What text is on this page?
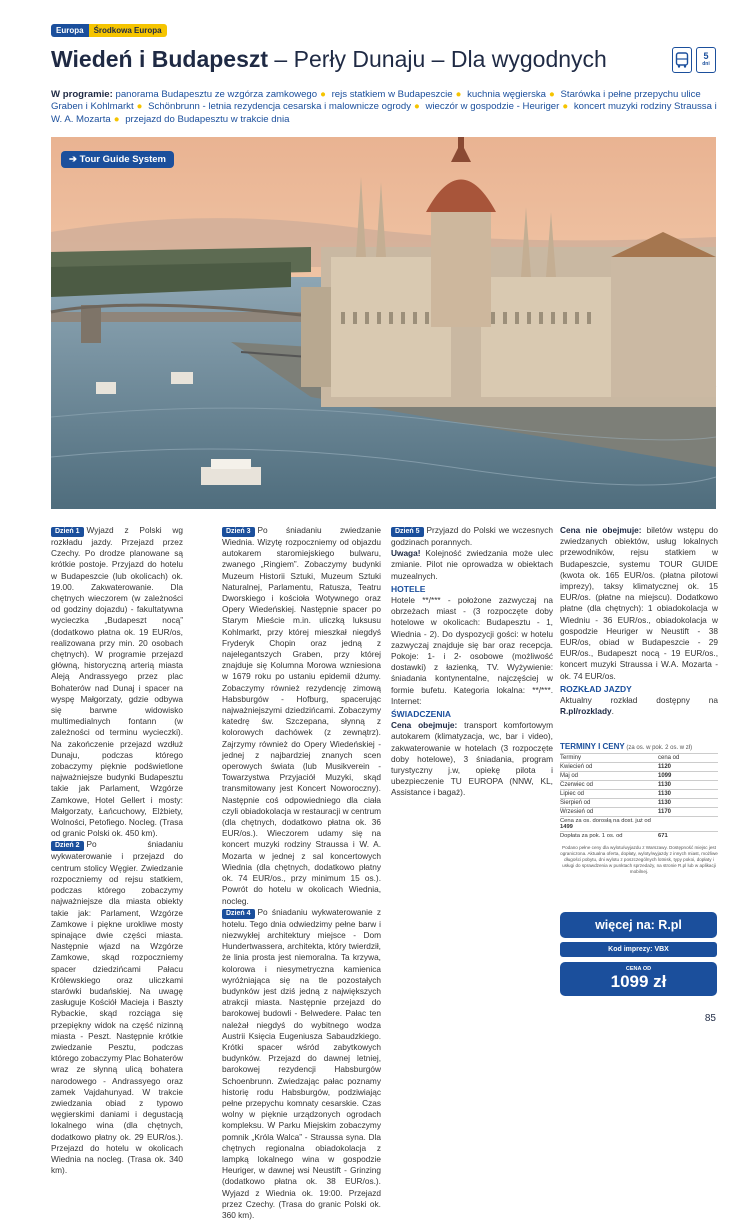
Europa	Środkowa Europa
Wiedeń i Budapeszt – Perły Dunaju – Dla wygodnych	5
dni
W programie: panorama Budapesztu ze wzgórza zamkowego ● rejs statkiem w Budapeszcie ● kuchnia węgierska ● Starówka i pełne przepychu ulice Graben i Kohlmarkt ● Schönbrunn - letnia rezydencja cesarska i malownicze ogrody ● wieczór w gospodzie - Heuriger ● koncert muzyki rodziny Straussa i W. A. Mozarta ● przejazd do Budapesztu w trakcie dnia
➔ Tour Guide System

Dzień 1 Wyjazd z Polski wg rozkładu jazdy. Przejazd przez Czechy. Po drodze planowane są krótkie postoje. Przyjazd do hotelu w Budapeszcie (lub okolicach) ok. 19.00. Zakwaterowanie. Dla chętnych wieczorem (w zależności od godziny dojazdu) - fakultatywna wycieczka „Budapeszt nocą” (dodatkowo płatna ok. 19 EUR/os, realizowana przy min. 20 osobach chętnych). W programie przejazd główną, historyczną arterią miasta Aleją Andrassyego przez plac Bohaterów nad Dunaj i spacer na wyspę Małgorzaty, gdzie odbywa się barwne widowisko multimedialnych fontann (w zależności od terminu wycieczki). Na zakończenie przejazd wzdłuż Dunaju, podczas którego zobaczymy pięknie podświetlone najważniejsze budynki Budapesztu takie jak Parlament, Wzgórze Zamkowe, Hotel Gellert i mosty: Małgorzaty, Łańcuchowy, Elżbiety, Wolności, Petofiego. Nocleg. (Trasa od granic Polski ok. 450 km).

Dzień 2 Po śniadaniu wykwaterowanie i przejazd do centrum stolicy Węgier. Zwiedzanie rozpoczniemy od rejsu statkiem, podczas którego zobaczymy najważniejsze dla miasta obiekty takie jak: Parlament, Wzgórze Zamkowe i piękne urokliwe mosty spinające dwie części miasta. Następnie wjazd na Wzgórze Zamkowe, skąd rozpoczniemy spacer dziedzińcami Pałacu Królewskiego oraz uliczkami starówki budańskiej. Na uwagę zasługuje Kościół Macieja i Baszty Rybackie, skąd rozciąga się przepiękny widok na część nizinną miasta - Peszt. Następnie krótkie zwiedzanie Pesztu, podczas którego zobaczymy Plac Bohaterów wraz ze słynną ulicą bohatera narodowego - Andrassyego oraz zamek Vajdahunyad. W trakcie zwiedzania obiad z typowo węgierskimi daniami i degustacją lokalnego wina (dla chętnych, dodatkowo płatny ok. 29 EUR/os.). Przejazd do hotelu w okolicach Wiednia na nocleg. (Trasa ok. 340 km).

Dzień 3 Po śniadaniu zwiedzanie Wiednia. Wizytę rozpoczniemy od objazdu autokarem staromiejskiego bulwaru, zwanego „Ringiem”. Zobaczymy budynki Muzeum Historii Sztuki, Muzeum Sztuki Naturalnej, Parlamentu, Ratusza, Teatru Dworskiego i kościoła Wotywnego oraz Opery Wiedeńskiej. Następnie spacer po Starym Mieście m.in. uliczką luksusu Kohlmarkt, przy której mieszkał niegdyś Fryderyk Chopin oraz jedną z najelegantszych Graben, przy której znajduje się Kolumna Morowa wzniesiona w 1679 roku po ustaniu epidemii dżumy. Zobaczymy również rezydencję zimową Habsburgów - Hofburg, spacerując najważniejszymi dziedzińcami. Zobaczymy katedrę św. Szczepana, słynną z kolorowych dachówek (z zewnątrz). Zajrzymy również do Opery Wiedeńskiej - jednej z najbardziej znanych scen operowych świata (lub Musikverein - Towarzystwa Przyjaciół Muzyki, skąd transmitowany jest Koncert Noworoczny). Następnie coś odpowiedniego dla ciała czyli obiadokolacja w restauracji w centrum (dla chętnych, dodatkowo płatna ok. 36 EUR/os.). Wieczorem udamy się na koncert muzyki rodziny Straussa i W. A. Mozarta w jednej z sal koncertowych Wiednia (dla chętnych, dodatkowo płatny ok. 74 EUR/os., przy minimum 15 os.). Powrót do hotelu w okolicach Wiednia, nocleg.

Dzień 4 Po śniadaniu wykwaterowanie z hotelu. Tego dnia odwiedzimy pełne barw i niezwykłej architektury miejsce - Dom Hundertwassera, architekta, który twierdził, że linia prosta jest niemoralna. Ta krzywa, kolorowa i niesymetryczna kamienica wyróżniająca się na tle pozostałych budynków jest dziś jedną z największych atrakcji miasta. Następnie przejazd do barokowej budowli - Belwedere. Pałac ten należał niegdyś do wybitnego wodza Austrii Księcia Eugeniusza Sabaudzkiego. Krótki spacer wśród zabytkowych budynków. Przejazd do dawnej letniej, barokowej rezydencji Habsburgów Schoenbrunn. Zwiedzając pałac poznamy historię rodu Habsburgów, podziwiając pełne przepychu komnaty cesarskie. Czas wolny w pięknie urządzonych ogrodach kompleksu. W Parku Miejskim zobaczymy pomnik „Króla Walca” - Straussa syna. Dla chętnych regionalna obiadokolacja z lampką lokalnego wina w gospodzie Heuriger, w dawnej wsi Neustift - Grinzing (dodatkowo płatna ok. 38 EUR/os.). Wyjazd z Wiednia ok. 19:00. Przejazd przez Czechy. (Trasa do granic Polski ok. 360 km).

Dzień 5 Przyjazd do Polski we wczesnych godzinach porannych.

Uwaga! Kolejność zwiedzania może ulec zmianie. Pilot nie oprowadza w obiektach muzealnych.

HOTELE

Hotele **/*** - położone zazwyczaj na obrzeżach miast - (3 rozpoczęte doby hotelowe w okolicach: Budapesztu - 1, Wiednia - 2). Do dyspozycji gości: w hotelu zazwyczaj znajduje się bar oraz recepcja. Pokoje: 1- i 2- osobowe (możliwość dostawki) z łazienką, TV. Wyżywienie: śniadania kontynentalne, najczęściej w formie bufetu. Kategoria lokalna: **/***. Internet:

ŚWIADCZENIA

Cena obejmuje: transport komfortowym autokarem (klimatyzacja, wc, bar i video), zakwaterowanie w hotelach (3 rozpoczęte doby hotelowe), 3 śniadania, program turystyczny j.w, opiekę pilota i ubezpieczenie TU EUROPA (NNW, KL, Assistance i bagaż).

Cena nie obejmuje: biletów wstępu do zwiedzanych obiektów, usług lokalnych przewodników, rejsu statkiem w Budapeszcie, systemu TOUR GUIDE (kwota ok. 165 EUR/os. (płatna pilotowi imprezy), taksy klimatycznej ok. 15 EUR/os. (płatne na miejscu). Dodatkowo płatne (dla chętnych): 1 obiadokolacja w Wiedniu - 36 EUR/os., obiadokolacja w gospodzie Heuriger w Neustift - 38 EUR/os, obiad w Budapeszcie - 29 EUR/os., Budapeszt nocą - 19 EUR/os., koncert muzyki Straussa i W.A. Mozarta - ok. 74 EUR/os.

ROZKŁAD JAZDY

Aktualny rozkład dostępny na R.pl/rozklady.

TERMINY I CENY (za os. w pok. 2 os. w zł)
Terminy	cena od
Kwiecień od	1120
Maj od	1099
Czerwiec od	1130
Lipiec od	1130
Sierpień od	1130
Wrzesień od	1170
Cena za os. dorosłą na dost. już od 1499	
Dopłata za pok. 1 os. od	671
Podano pełne ceny dla wylotu/wyjazdu z Warszawy. Dostępność miejsc jest ograniczona. Aktualna oferta, dopłaty, wyloty/wyjazdy z innych miast, możliwe długości pobytu, dni wylotu z poszczególnych lotnisk, typy pokoi, dopłaty i usługi do sprawdzenia w punktach sprzedaży, na stronie R.pl lub w aplikacji mobilnej.
więcej na: R.pl
Kod imprezy: VBX
CENA OD
1099 zł
85
